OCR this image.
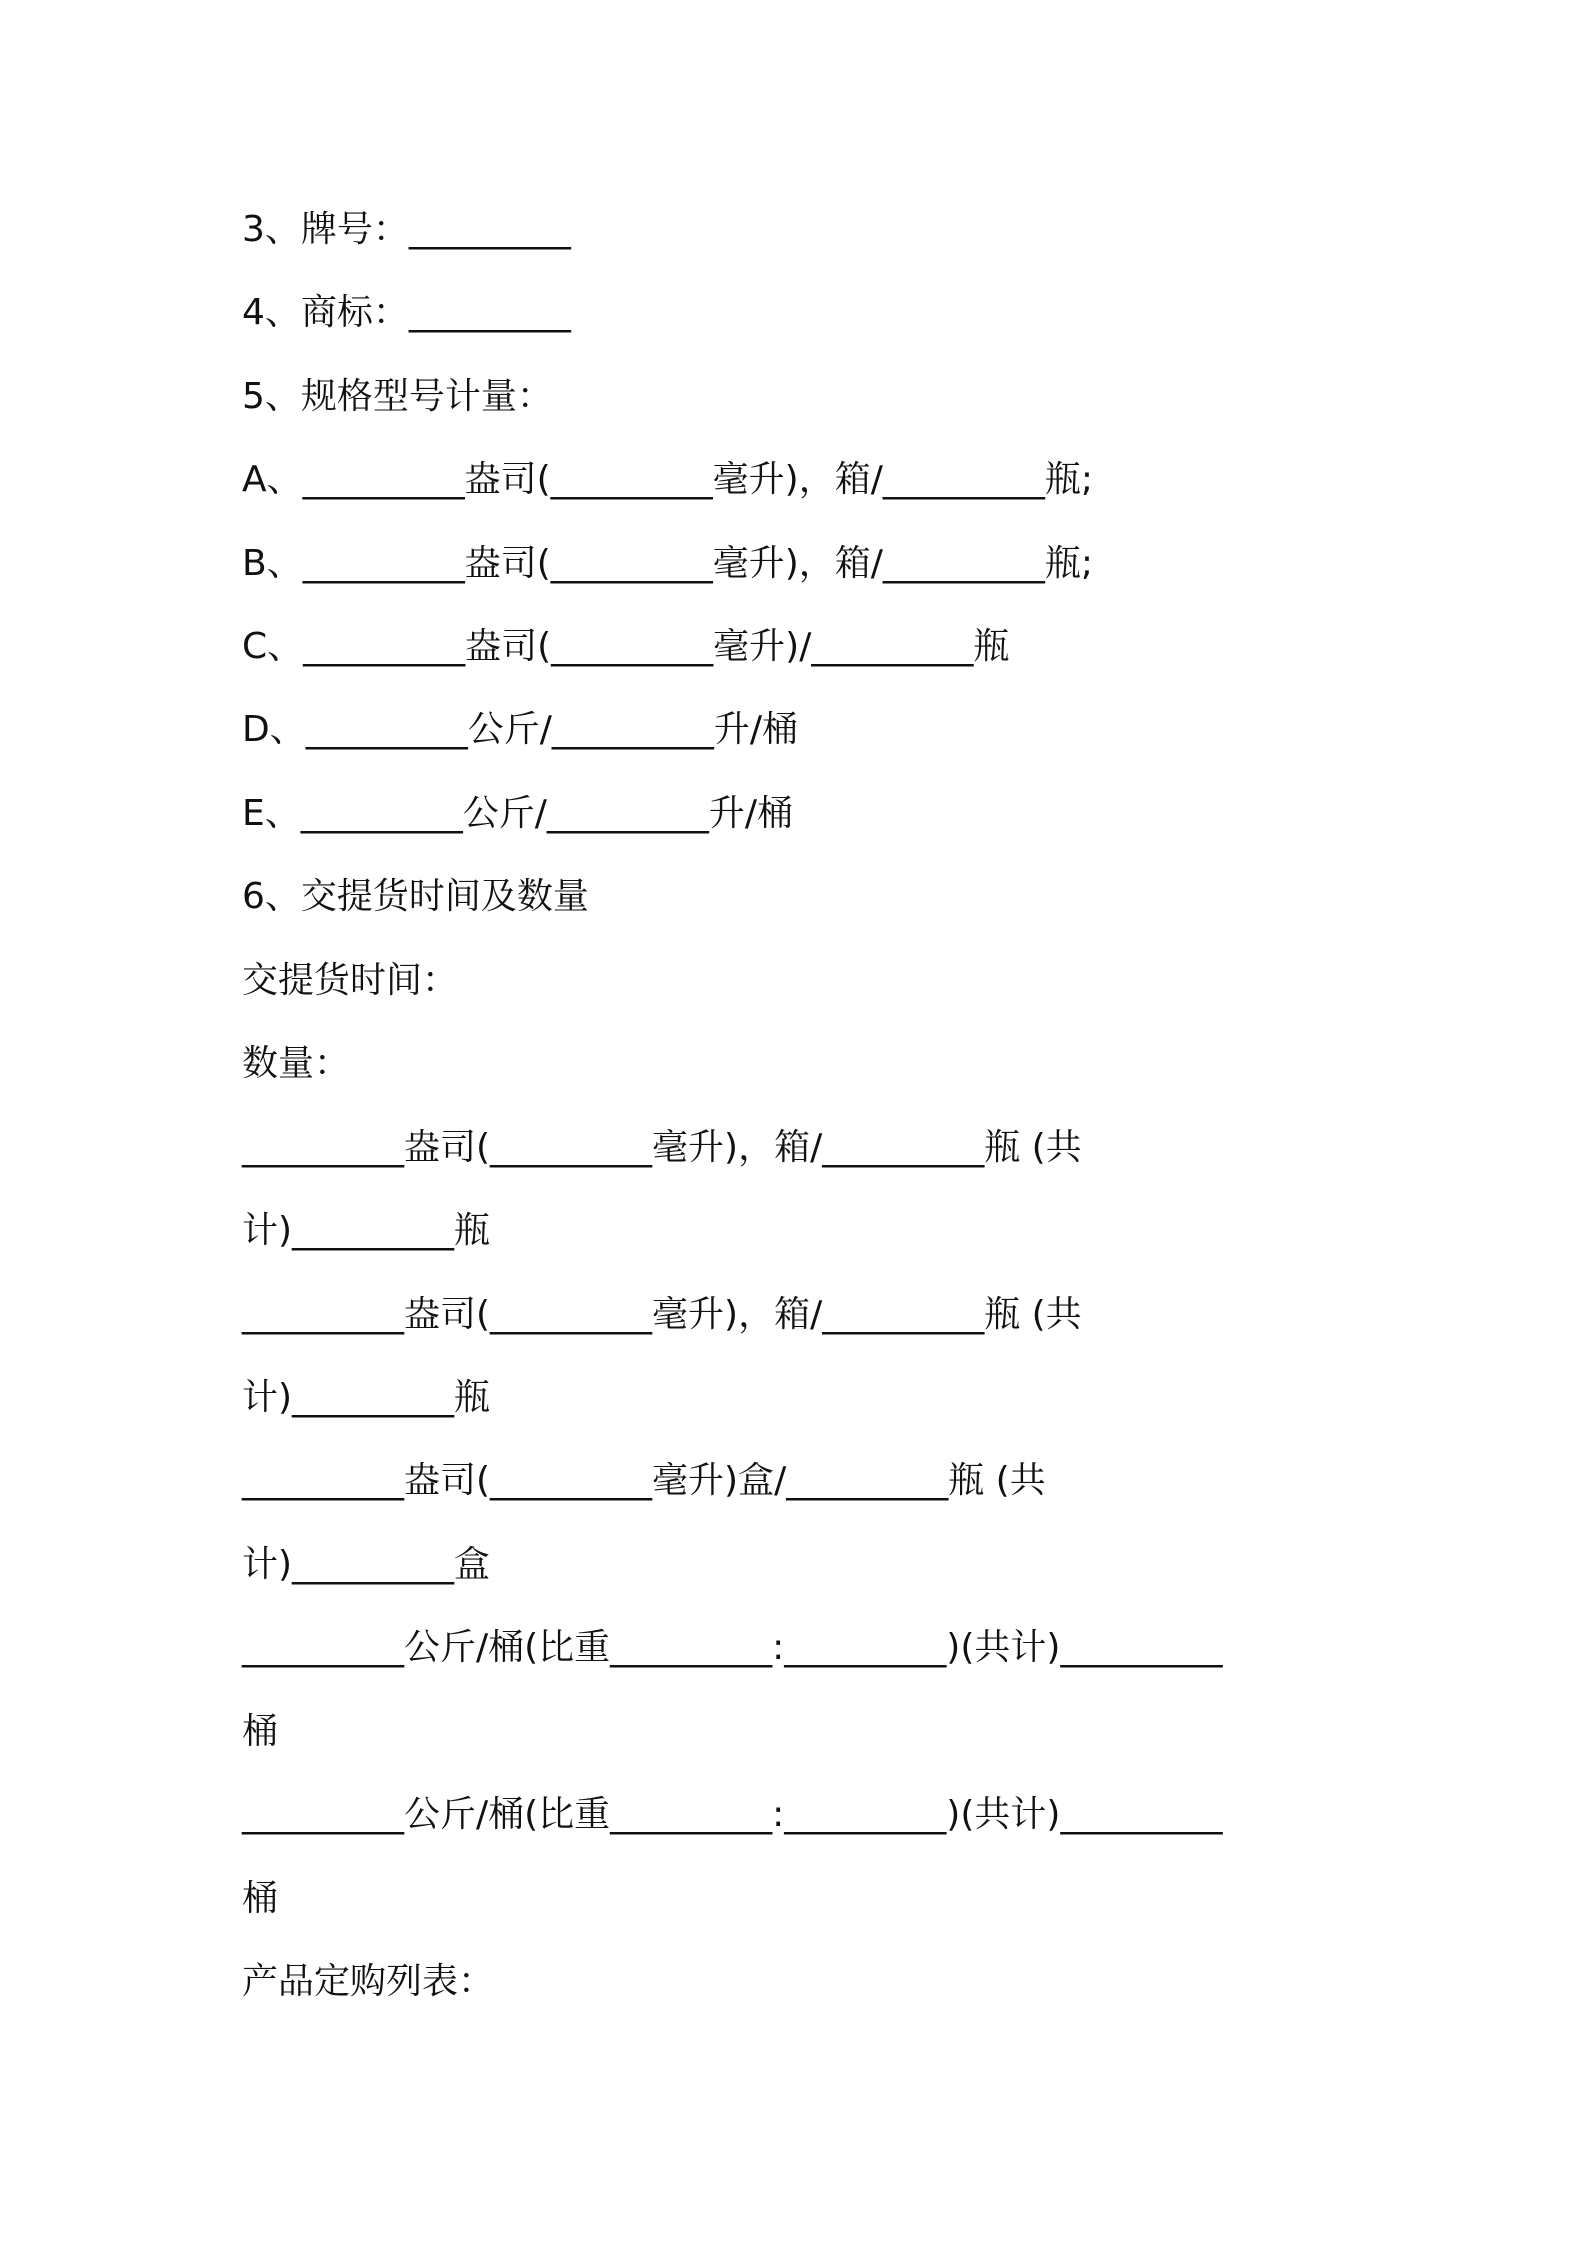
3、牌号：_________

4、商标：_________

5、规格型号计量：

A、_________盎司(_________毫升)，箱/_________瓶;

B、_________盎司(_________毫升)，箱/_________瓶;

C、_________盎司(_________毫升)/_________瓶

D、_________公斤/_________升/桶

E、_________公斤/_________升/桶

6、交提货时间及数量

交提货时间：

数量：

_________盎司(_________毫升)，箱/_________瓶 (共

计)_________瓶

_________盎司(_________毫升)，箱/_________瓶 (共

计)_________瓶

_________盎司(_________毫升)盒/_________瓶 (共

计)_________盒

_________公斤/桶(比重_________:_________)(共计)_________

桶

_________公斤/桶(比重_________:_________)(共计)_________

桶

产品定购列表：
